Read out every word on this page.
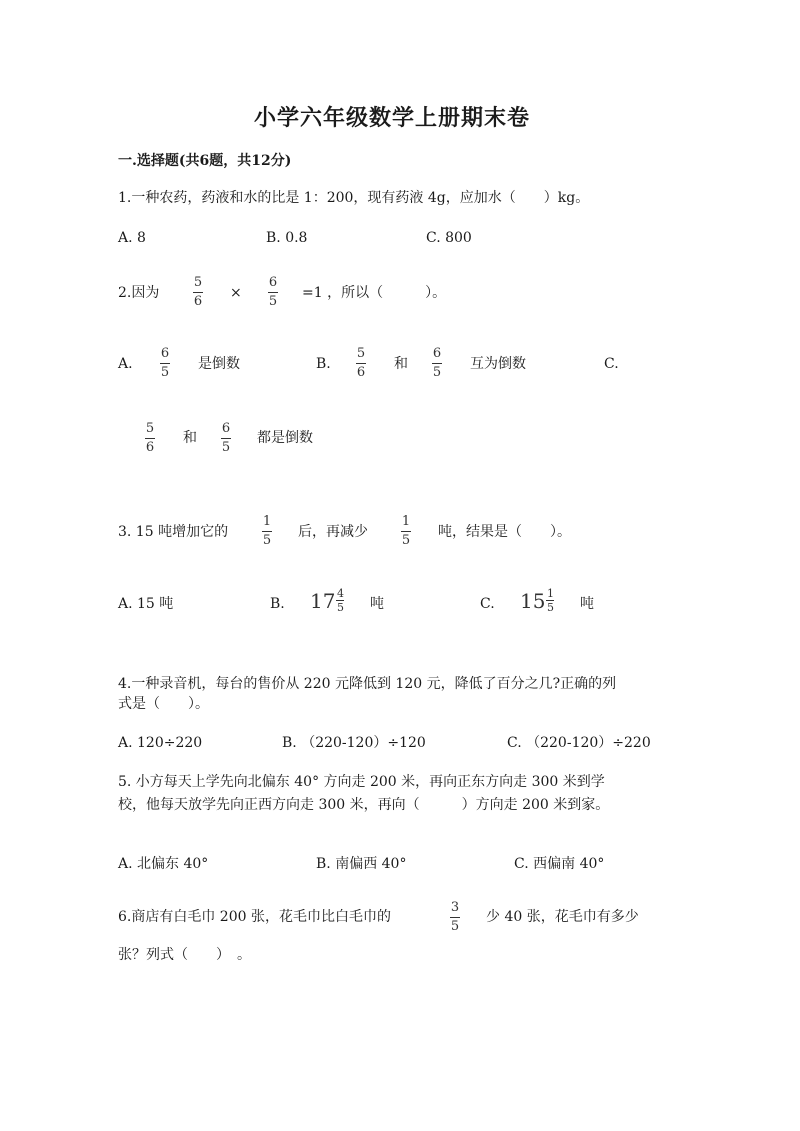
小学六年级数学上册期末卷
一.选择题(共6题，共12分)
1.一种农药，药液和水的比是 1：200，现有药液 4g，应加水（　　）kg。
A. 8	B. 0.8	C. 800
2.因为
5
6
×
6
5
=1 ，所以（　　　）。
A.
6
5
是倒数	B.
5
6
和
6
5
互为倒数	C.
5
6
和
6
5
都是倒数
3. 15 吨增加它的
1
5
后，再减少
1
5
吨，结果是（　　）。
A. 15 吨	B. $17 \frac{4}{5}$ 吨	C. $15 \frac{1}{5}$ 吨
4.一种录音机，每台的售价从 220 元降低到 120 元，降低了百分之几?正确的列
式是（　　）。
A. 120÷220	B. （220-120）÷120	C. （220-120）÷220
5. 小方每天上学先向北偏东 40° 方向走 200 米，再向正东方向走 300 米到学
校，他每天放学先向正西方向走 300 米，再向（　　　）方向走 200 米到家。
A. 北偏东 40°	B. 南偏西 40°	C. 西偏南 40°
6.商店有白毛巾 200 张，花毛巾比白毛巾的
3
5
少 40 张，花毛巾有多少
张？列式（　　）　。
